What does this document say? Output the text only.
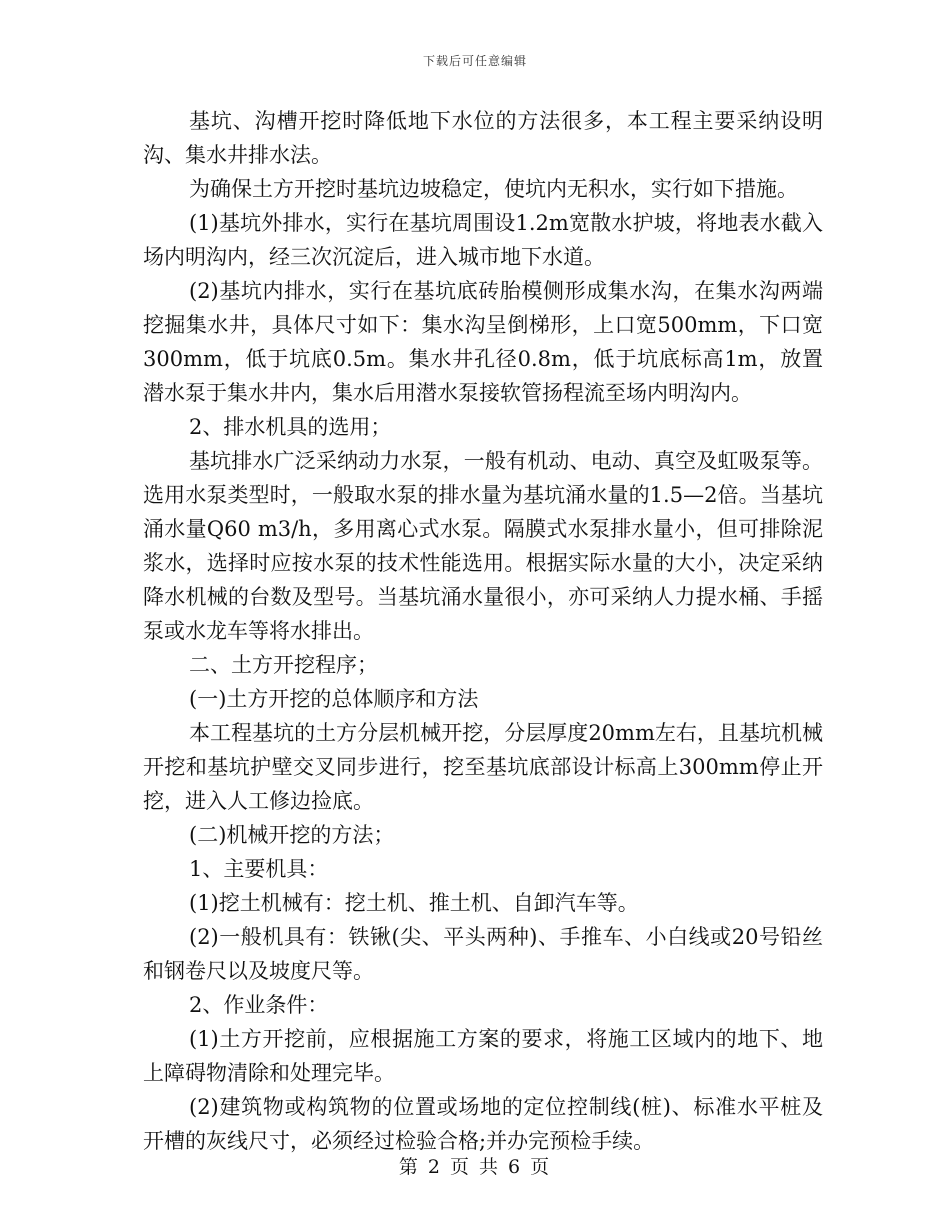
下载后可任意编辑

基坑、沟槽开挖时降低地下水位的方法很多，本工程主要采纳设明沟、集水井排水法。

为确保土方开挖时基坑边坡稳定，使坑内无积水，实行如下措施。

(1)基坑外排水，实行在基坑周围设1.2m宽散水护坡，将地表水截入场内明沟内，经三次沉淀后，进入城市地下水道。

(2)基坑内排水，实行在基坑底砖胎模侧形成集水沟，在集水沟两端挖掘集水井，具体尺寸如下：集水沟呈倒梯形，上口宽500mm，下口宽300mm，低于坑底0.5m。集水井孔径0.8m，低于坑底标高1m，放置潜水泵于集水井内，集水后用潜水泵接软管扬程流至场内明沟内。

2、排水机具的选用；

基坑排水广泛采纳动力水泵，一般有机动、电动、真空及虹吸泵等。选用水泵类型时，一般取水泵的排水量为基坑涌水量的1.5—2倍。当基坑涌水量Q60 m3/h，多用离心式水泵。隔膜式水泵排水量小，但可排除泥浆水，选择时应按水泵的技术性能选用。根据实际水量的大小，决定采纳降水机械的台数及型号。当基坑涌水量很小，亦可采纳人力提水桶、手摇泵或水龙车等将水排出。

二、土方开挖程序；

(一)土方开挖的总体顺序和方法

本工程基坑的土方分层机械开挖，分层厚度20mm左右，且基坑机械开挖和基坑护壁交叉同步进行，挖至基坑底部设计标高上300mm停止开挖，进入人工修边捡底。

(二)机械开挖的方法；

1、主要机具：

(1)挖土机械有：挖土机、推土机、自卸汽车等。

(2)一般机具有：铁锹(尖、平头两种)、手推车、小白线或20号铅丝和钢卷尺以及坡度尺等。

2、作业条件：

(1)土方开挖前，应根据施工方案的要求，将施工区域内的地下、地上障碍物清除和处理完毕。

(2)建筑物或构筑物的位置或场地的定位控制线(桩)、标准水平桩及开槽的灰线尺寸，必须经过检验合格;并办完预检手续。

第 2 页 共 6 页
